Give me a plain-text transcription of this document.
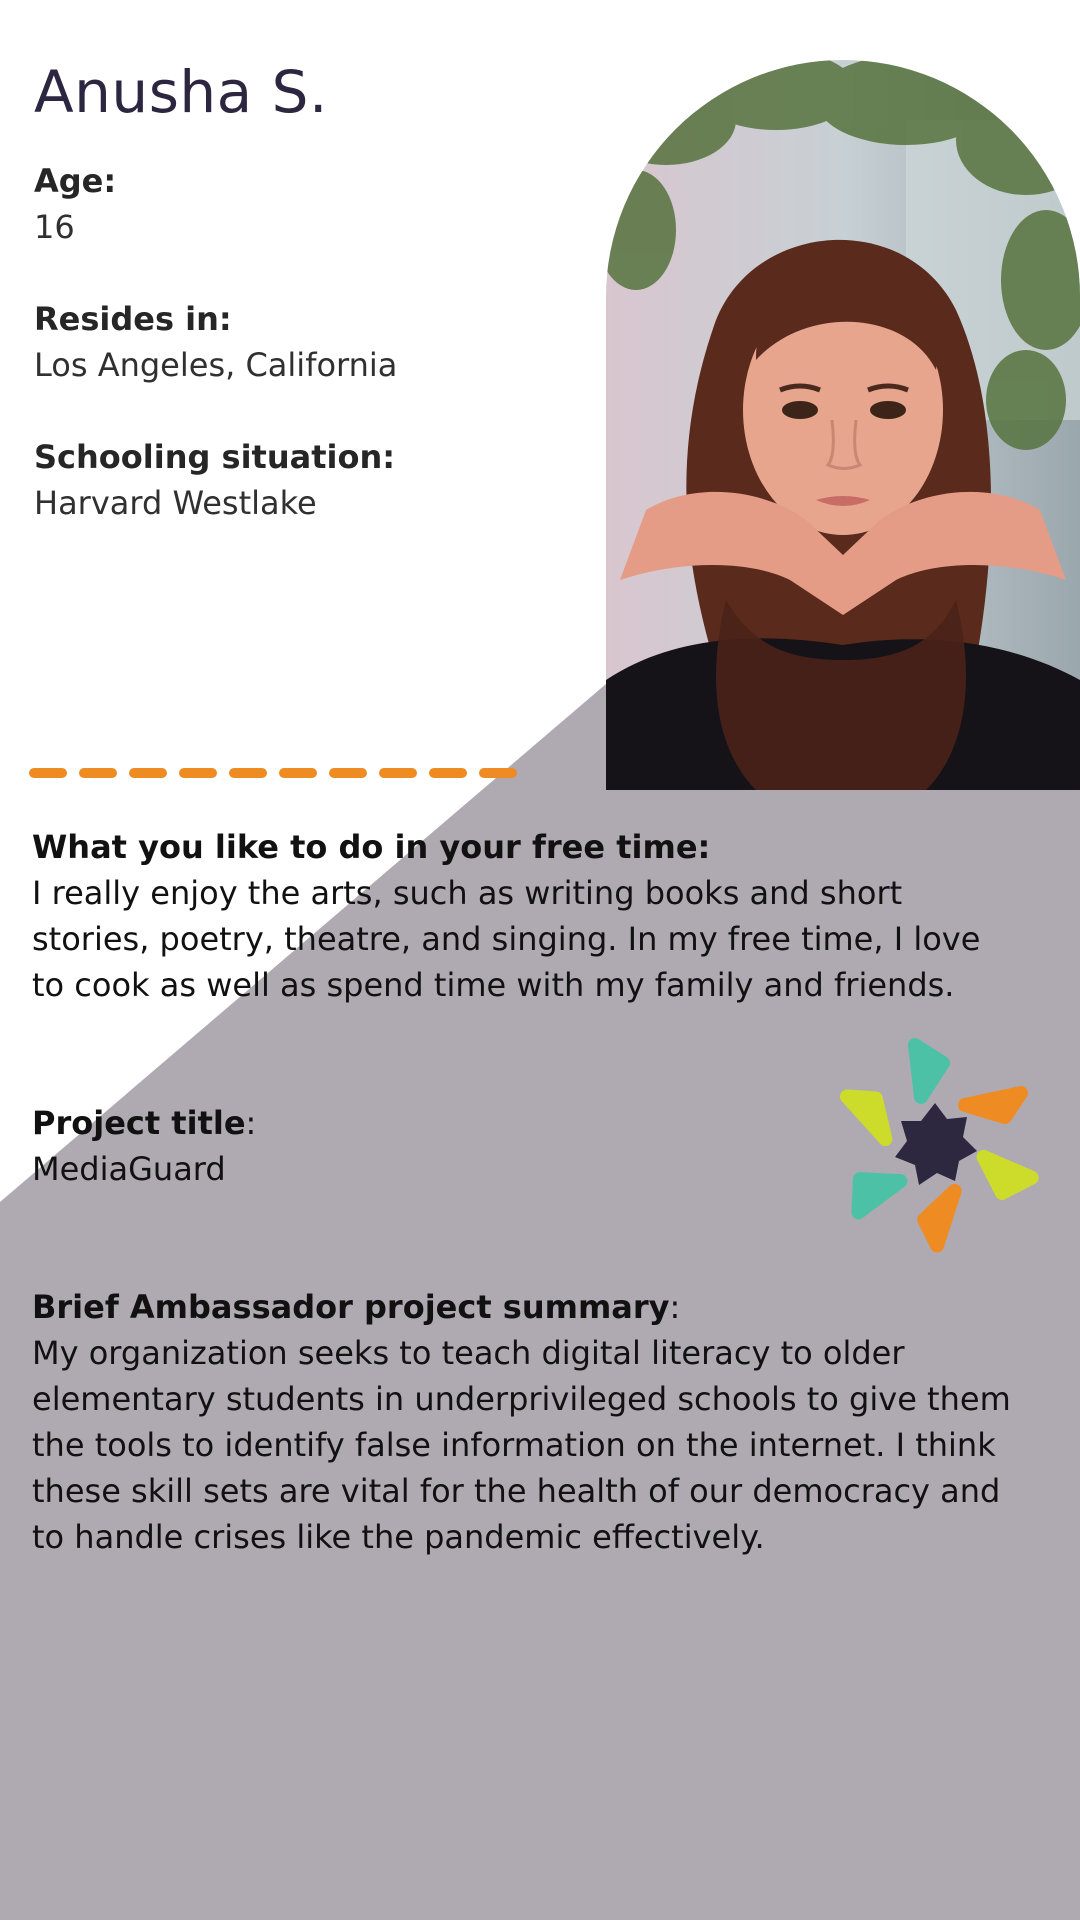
Anusha S.
Age:
16
Resides in:
Los Angeles, California
Schooling situation:
Harvard Westlake
What you like to do in your free time:
I really enjoy the arts, such as writing books and short stories, poetry, theatre, and singing. In my free time, I love to cook as well as spend time with my family and friends.
Project title:
MediaGuard
Brief Ambassador project summary:
My organization seeks to teach digital literacy to older elementary students in underprivileged schools to give them the tools to identify false information on the internet. I think these skill sets are vital for the health of our democracy and to handle crises like the pandemic effectively.
